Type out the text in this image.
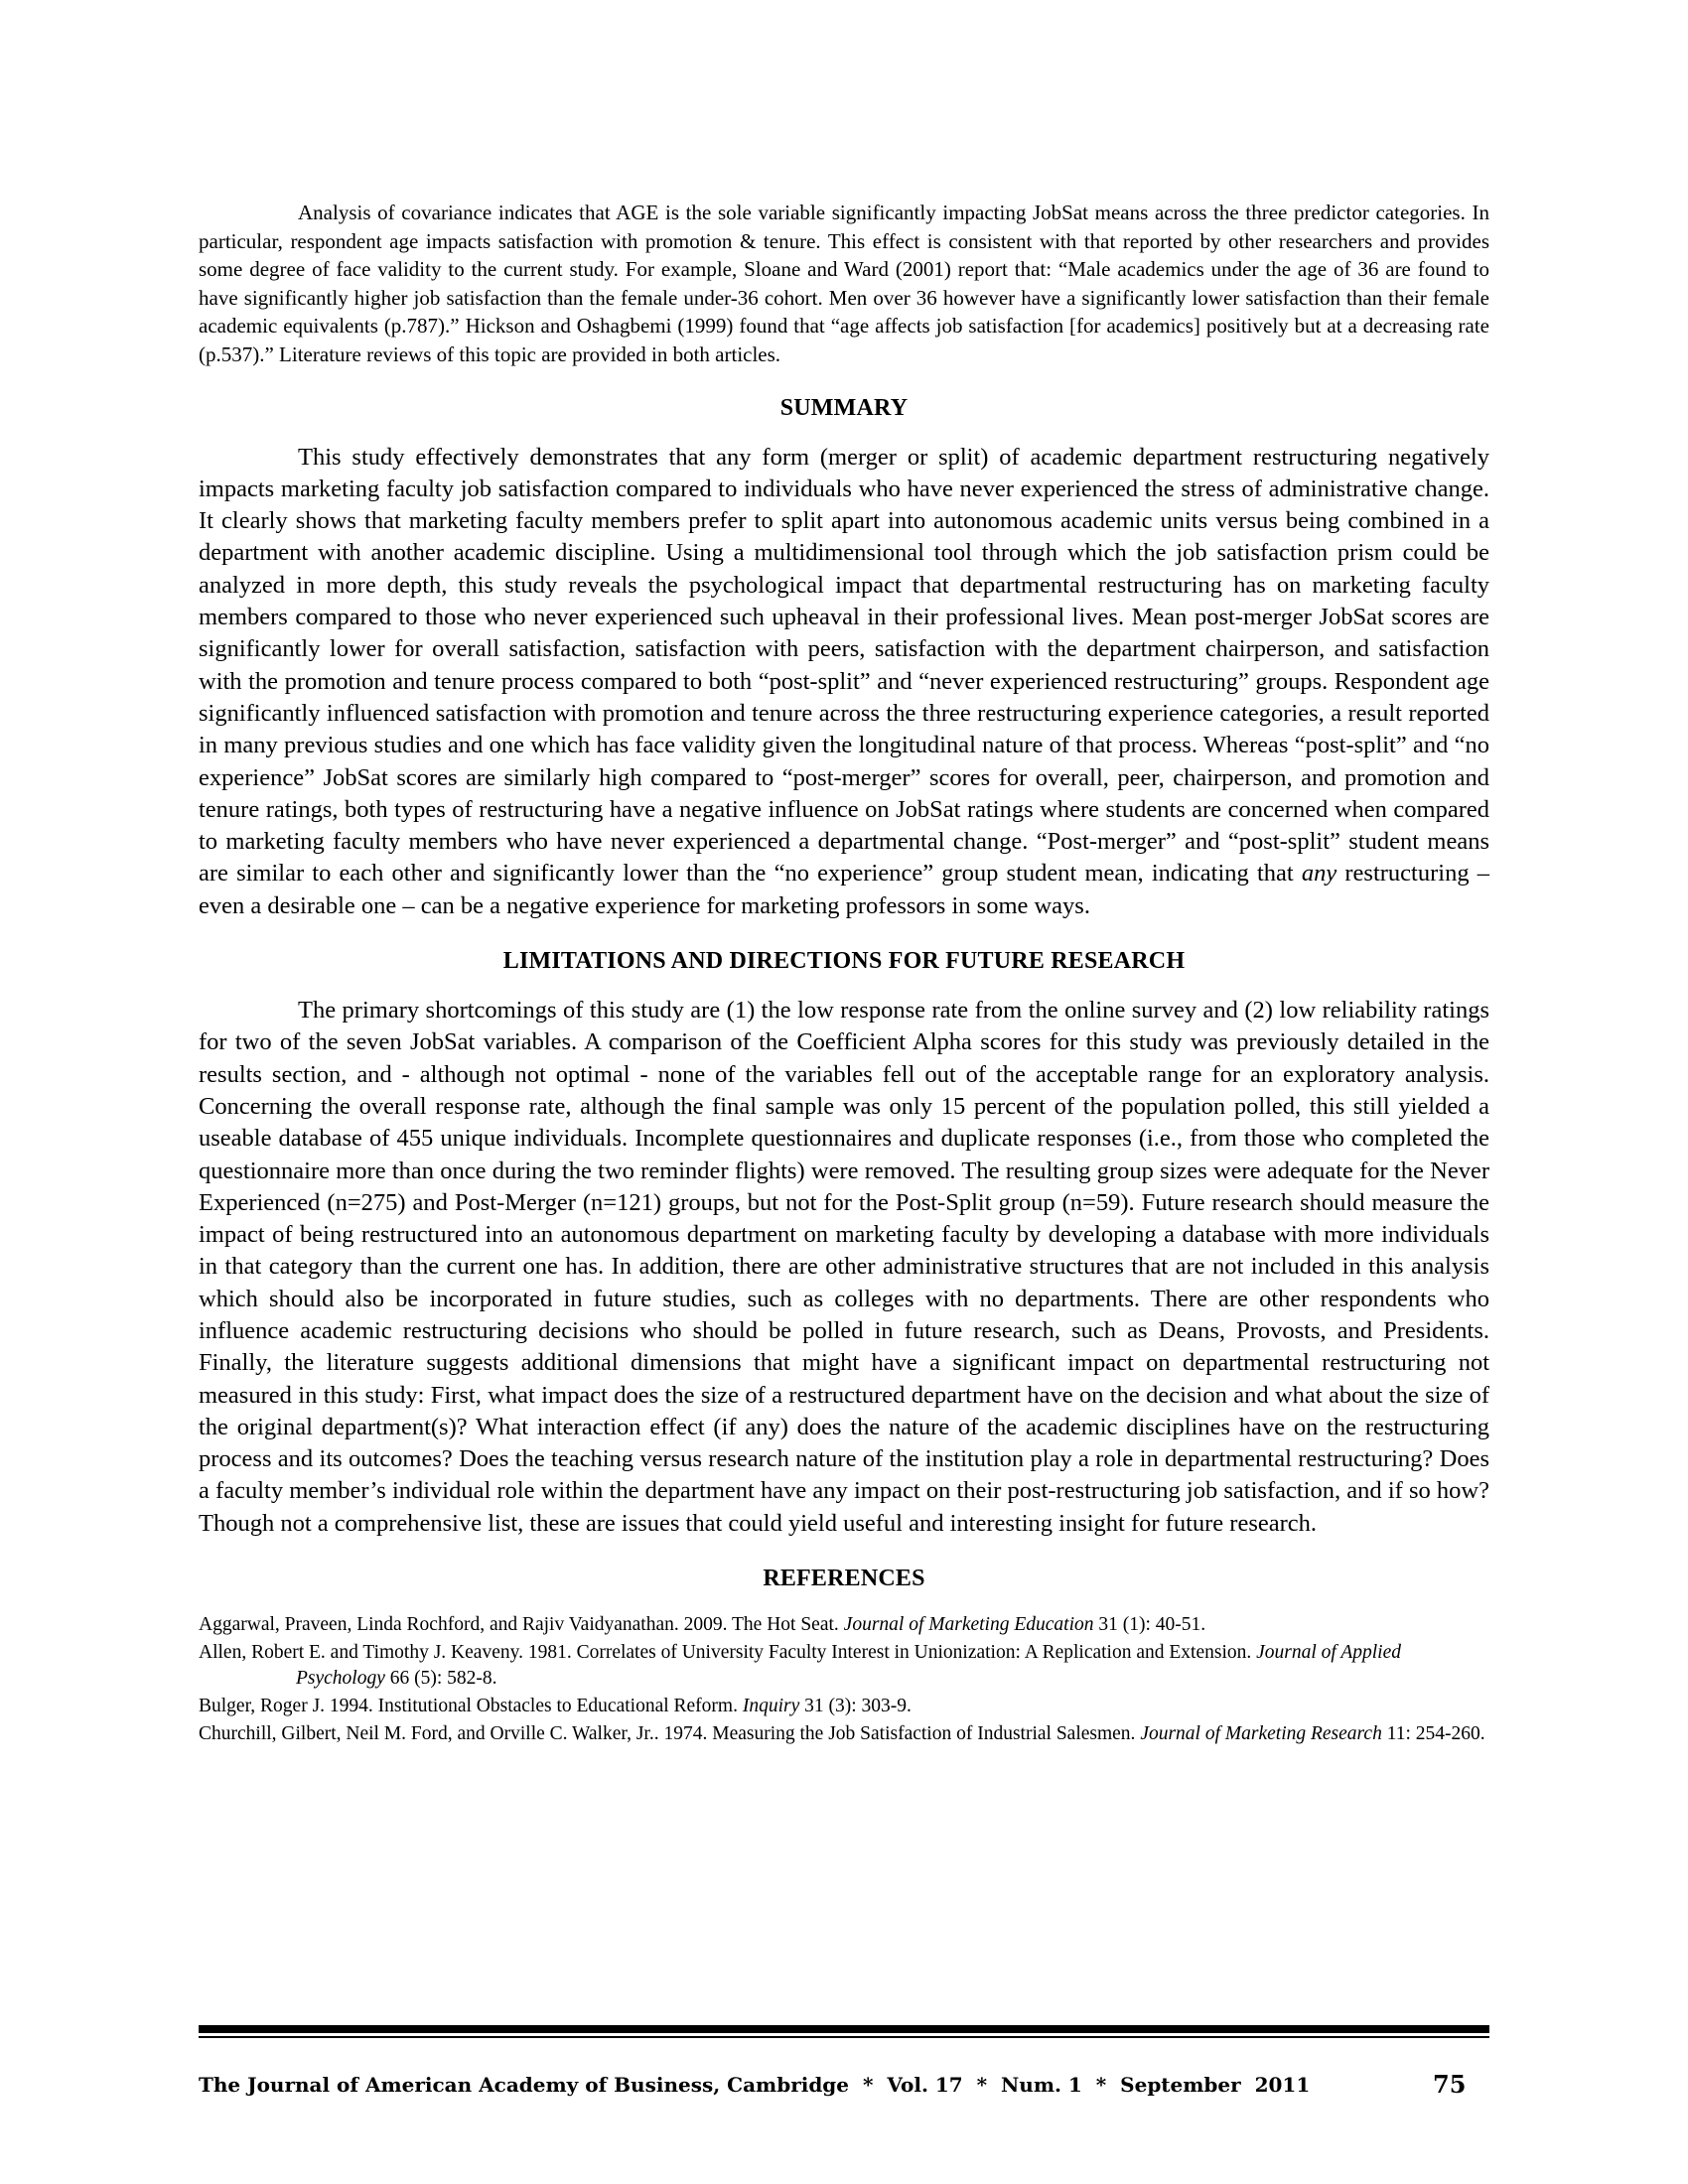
Analysis of covariance indicates that AGE is the sole variable significantly impacting JobSat means across the three predictor categories. In particular, respondent age impacts satisfaction with promotion & tenure. This effect is consistent with that reported by other researchers and provides some degree of face validity to the current study. For example, Sloane and Ward (2001) report that: “Male academics under the age of 36 are found to have significantly higher job satisfaction than the female under-36 cohort. Men over 36 however have a significantly lower satisfaction than their female academic equivalents (p.787).” Hickson and Oshagbemi (1999) found that “age affects job satisfaction [for academics] positively but at a decreasing rate (p.537).” Literature reviews of this topic are provided in both articles.

SUMMARY

This study effectively demonstrates that any form (merger or split) of academic department restructuring negatively impacts marketing faculty job satisfaction compared to individuals who have never experienced the stress of administrative change. It clearly shows that marketing faculty members prefer to split apart into autonomous academic units versus being combined in a department with another academic discipline. Using a multidimensional tool through which the job satisfaction prism could be analyzed in more depth, this study reveals the psychological impact that departmental restructuring has on marketing faculty members compared to those who never experienced such upheaval in their professional lives. Mean post-merger JobSat scores are significantly lower for overall satisfaction, satisfaction with peers, satisfaction with the department chairperson, and satisfaction with the promotion and tenure process compared to both “post-split” and “never experienced restructuring” groups. Respondent age significantly influenced satisfaction with promotion and tenure across the three restructuring experience categories, a result reported in many previous studies and one which has face validity given the longitudinal nature of that process. Whereas “post-split” and “no experience” JobSat scores are similarly high compared to “post-merger” scores for overall, peer, chairperson, and promotion and tenure ratings, both types of restructuring have a negative influence on JobSat ratings where students are concerned when compared to marketing faculty members who have never experienced a departmental change. “Post-merger” and “post-split” student means are similar to each other and significantly lower than the “no experience” group student mean, indicating that any restructuring – even a desirable one – can be a negative experience for marketing professors in some ways.

LIMITATIONS AND DIRECTIONS FOR FUTURE RESEARCH

The primary shortcomings of this study are (1) the low response rate from the online survey and (2) low reliability ratings for two of the seven JobSat variables. A comparison of the Coefficient Alpha scores for this study was previously detailed in the results section, and - although not optimal - none of the variables fell out of the acceptable range for an exploratory analysis. Concerning the overall response rate, although the final sample was only 15 percent of the population polled, this still yielded a useable database of 455 unique individuals. Incomplete questionnaires and duplicate responses (i.e., from those who completed the questionnaire more than once during the two reminder flights) were removed. The resulting group sizes were adequate for the Never Experienced (n=275) and Post-Merger (n=121) groups, but not for the Post-Split group (n=59). Future research should measure the impact of being restructured into an autonomous department on marketing faculty by developing a database with more individuals in that category than the current one has. In addition, there are other administrative structures that are not included in this analysis which should also be incorporated in future studies, such as colleges with no departments. There are other respondents who influence academic restructuring decisions who should be polled in future research, such as Deans, Provosts, and Presidents. Finally, the literature suggests additional dimensions that might have a significant impact on departmental restructuring not measured in this study: First, what impact does the size of a restructured department have on the decision and what about the size of the original department(s)? What interaction effect (if any) does the nature of the academic disciplines have on the restructuring process and its outcomes? Does the teaching versus research nature of the institution play a role in departmental restructuring? Does a faculty member’s individual role within the department have any impact on their post-restructuring job satisfaction, and if so how? Though not a comprehensive list, these are issues that could yield useful and interesting insight for future research.

REFERENCES

Aggarwal, Praveen, Linda Rochford, and Rajiv Vaidyanathan. 2009. The Hot Seat. Journal of Marketing Education 31 (1): 40-51.

Allen, Robert E. and Timothy J. Keaveny. 1981. Correlates of University Faculty Interest in Unionization: A Replication and Extension. Journal of Applied Psychology 66 (5): 582-8.

Bulger, Roger J. 1994. Institutional Obstacles to Educational Reform. Inquiry 31 (3): 303-9.

Churchill, Gilbert, Neil M. Ford, and Orville C. Walker, Jr.. 1974. Measuring the Job Satisfaction of Industrial Salesmen. Journal of Marketing Research 11: 254-260.

The Journal of American Academy of Business, Cambridge  *  Vol. 17  *  Num. 1  *  September  2011	75
